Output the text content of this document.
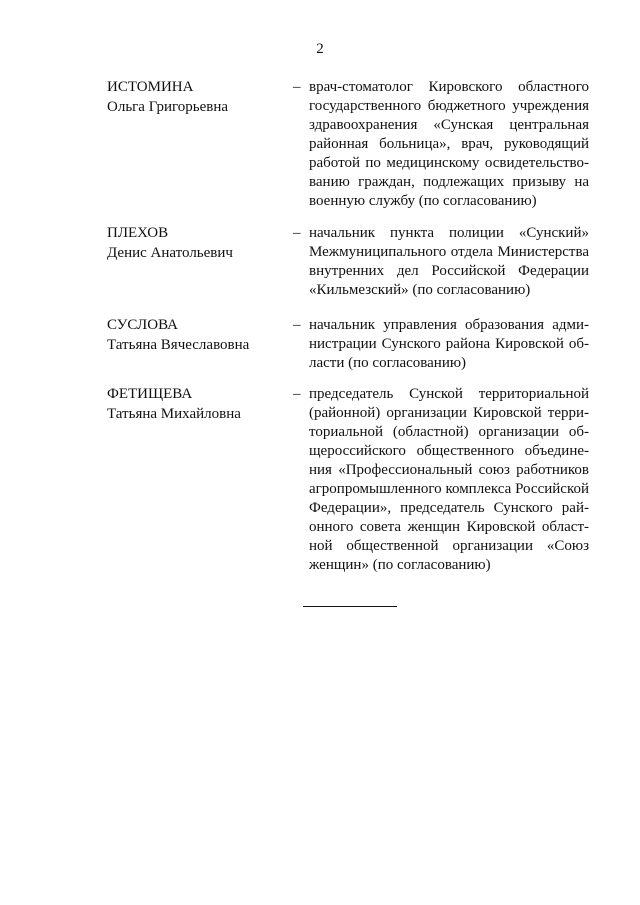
2
ИСТОМИНА
Ольга Григорьевна
– врач-стоматолог Кировского областного
государственного бюджетного учреждения
здравоохранения «Сунская центральная
районная больница», врач, руководящий
работой по медицинскому освидетельство-
ванию граждан, подлежащих призыву на
военную службу (по согласованию)
ПЛЕХОВ
Денис Анатольевич
– начальник пункта полиции «Сунский»
Межмуниципального отдела Министерства
внутренних дел Российской Федерации
«Кильмезский» (по согласованию)
СУСЛОВА
Татьяна Вячеславовна
– начальник управления образования адми-
нистрации Сунского района Кировской об-
ласти (по согласованию)
ФЕТИЩЕВА
Татьяна Михайловна
– председатель Сунской территориальной
(районной) организации Кировской терри-
ториальной (областной) организации об-
щероссийского общественного объедине-
ния «Профессиональный союз работников
агропромышленного комплекса Российской
Федерации», председатель Сунского рай-
онного совета женщин Кировской област-
ной общественной организации «Союз
женщин» (по согласованию)
